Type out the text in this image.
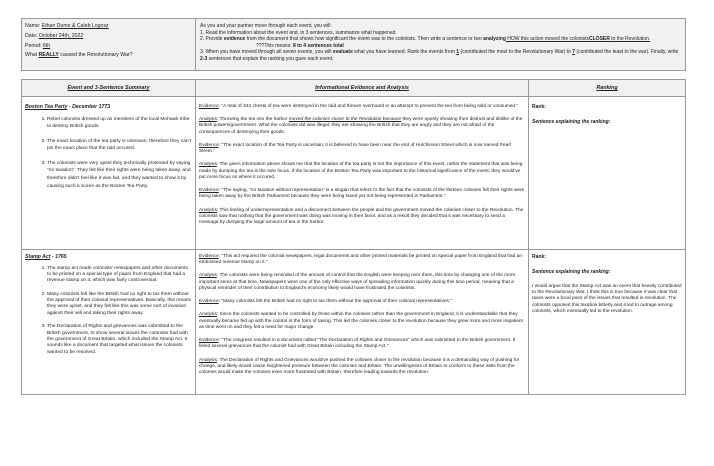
Name: Ethan Dumo & Caleb Logosz
Date: October 24th, 2022
Period: 6th
What REALLY caused the Revolutionary War?

As you and your partner move through each event, you will:

1. Read the information about the event and, in 3 sentences, summarize what happened.

2. Provide evidence from the document that shows how significant the event was to the colonists. Then write a sentence or two analyzing HOW this action moved the colonistsCLOSER to the Revolution.

???This means: 8 to 4 sentences total

3. When you have moved through all seven events, you will evaluate what you have learned. Rank the events from 1 (contributed the most to the Revolutionary War) to 7 (contributed the least to the war). Finally, write 2-3 sentences that explain the ranking you gave each event.

Event and 3-Sentence Summary
Boston Tea Party - December 1773
1. Rebel colonists dressed up as members of the local Mohawk tribe to destroy British goods.
2. The exact location of the tea party is unknown, therefore they can't pin the exact place that the raid occured.
3. The colonists were very upset they technically protested by saying "no taxation". They felt like their rights were being taken away, and therefore didn't feel like it was fair, and they wanted to show it by causing such a scene as the Boston Tea Party.
Stamp Act - 1765
1. The stamp act made colonists' newspapers and other documents to be printed on a special type of paper from England that had a revenue stamp on it, which was fairly controversial.
2. Many colonists felt like the British had no right to tax them without the approval of their colonial representatives. Basically, this means they were upset, and they felt like this was some sort of invasion against their will and taking their rights away.
3. The Declaration of Rights and grievances was submitted to the British government, to show several issues the colonists had with the government of Great Britain, which included the Stamp Act. It sounds like a document that targeted what issues the colonists wanted to be resolved.
Informational Evidence and Analysis

Evidence: "A total of 342 chests of tea were destroyed in the raid and thrown overboard in an attempt to prevent the tea from being sold or consumed."

Analysis: Throwing the tea into the harbor moved the colonies closer to the Revolution because they were openly showing their distrust and dislike of the British powers/government. What the colonists did was illegal; they are showing the British that they are angry and they are not afraid of the consequences of destroying their goods.

Evidence: "The exact location of the Tea Party is uncertain; it is believed to have been near the end of Hutchinson Street which is now named Pearl Street."

Analysis: The given information above shows me that the location of the tea party is not the importance of this event, rather the statement that was being made by dumping the tea is the sole focus. If the location of the Boston Tea Party was important to the historical significance of the event, they would've put more focus on where it occured.

Evidence: "The saying, "no taxation without representation" is a slogan that refers to the fact that the colonists of the thirteen colonies felt their rights were being taken away by the British Parliament because they were being taxed yet not being represented in Parliament."

Analysis: This feeling of underrepresentation and a disconnect between the people and the government moved the colonies closer to the Revolution. The colonists saw that nothing that the government was doing was moving in their favor, and as a result they decided that it was necessary to send a message by dumping the large amount of tea in the harbor.

Evidence: "This act required the colonial newspapers, legal documents and other printed materials be printed on special paper from England that had an embossed revenue stamp on it."

Analysis: The colonists were being reminded of the amount of control that the English were keeping over them, this time by changing one of the more important items at that time. Newspapers were one of the only effective ways of spreading information quickly during this time period, meaning that a physical reminder of their contribution to England's economy likely would have frustrated the colonists.

Evidence: "Many colonists felt the British had no right to tax them without the approval of their colonial representatives."

Analysis: Since the colonists wanted to be controlled by those within the colonies rather than the government in England, it is understandable that they eventually became fed up with the control in the form of taxing. This led the colonies closer to the revolution because they grew more and more impatient as time went on and they felt a need for major change.

Evidence: "The congress resulted in a document called "The Declaration of Rights and Grievances" which was submitted to the British government. It listed several grievances that the colonist had with Great Britain including the Stamp Act."

Analysis: The Declaration of Rights and Grievances would've pushed the colonies closer to the revolution because it is a demanding way of pushing for change, and likely would cause heightened pressure between the colonies and Britain. The unwillingness of Britain to conform to these asks from the colonies would make the colonies even more frustrated with Britain, therefore leading towards the revolution.

Ranking

Rank:

Sentence explaining the ranking:

Rank:

Sentence explaining the ranking:

I would argue that the Stamp Act was an event that heavily contributed to the Revolutionary War. I think this is true because it was clear that taxes were a focal point of the issues that resulted in revolution. The colonists opposed this taxation bitterly and it led to outrage among colonists, which eventually led to the revolution.
